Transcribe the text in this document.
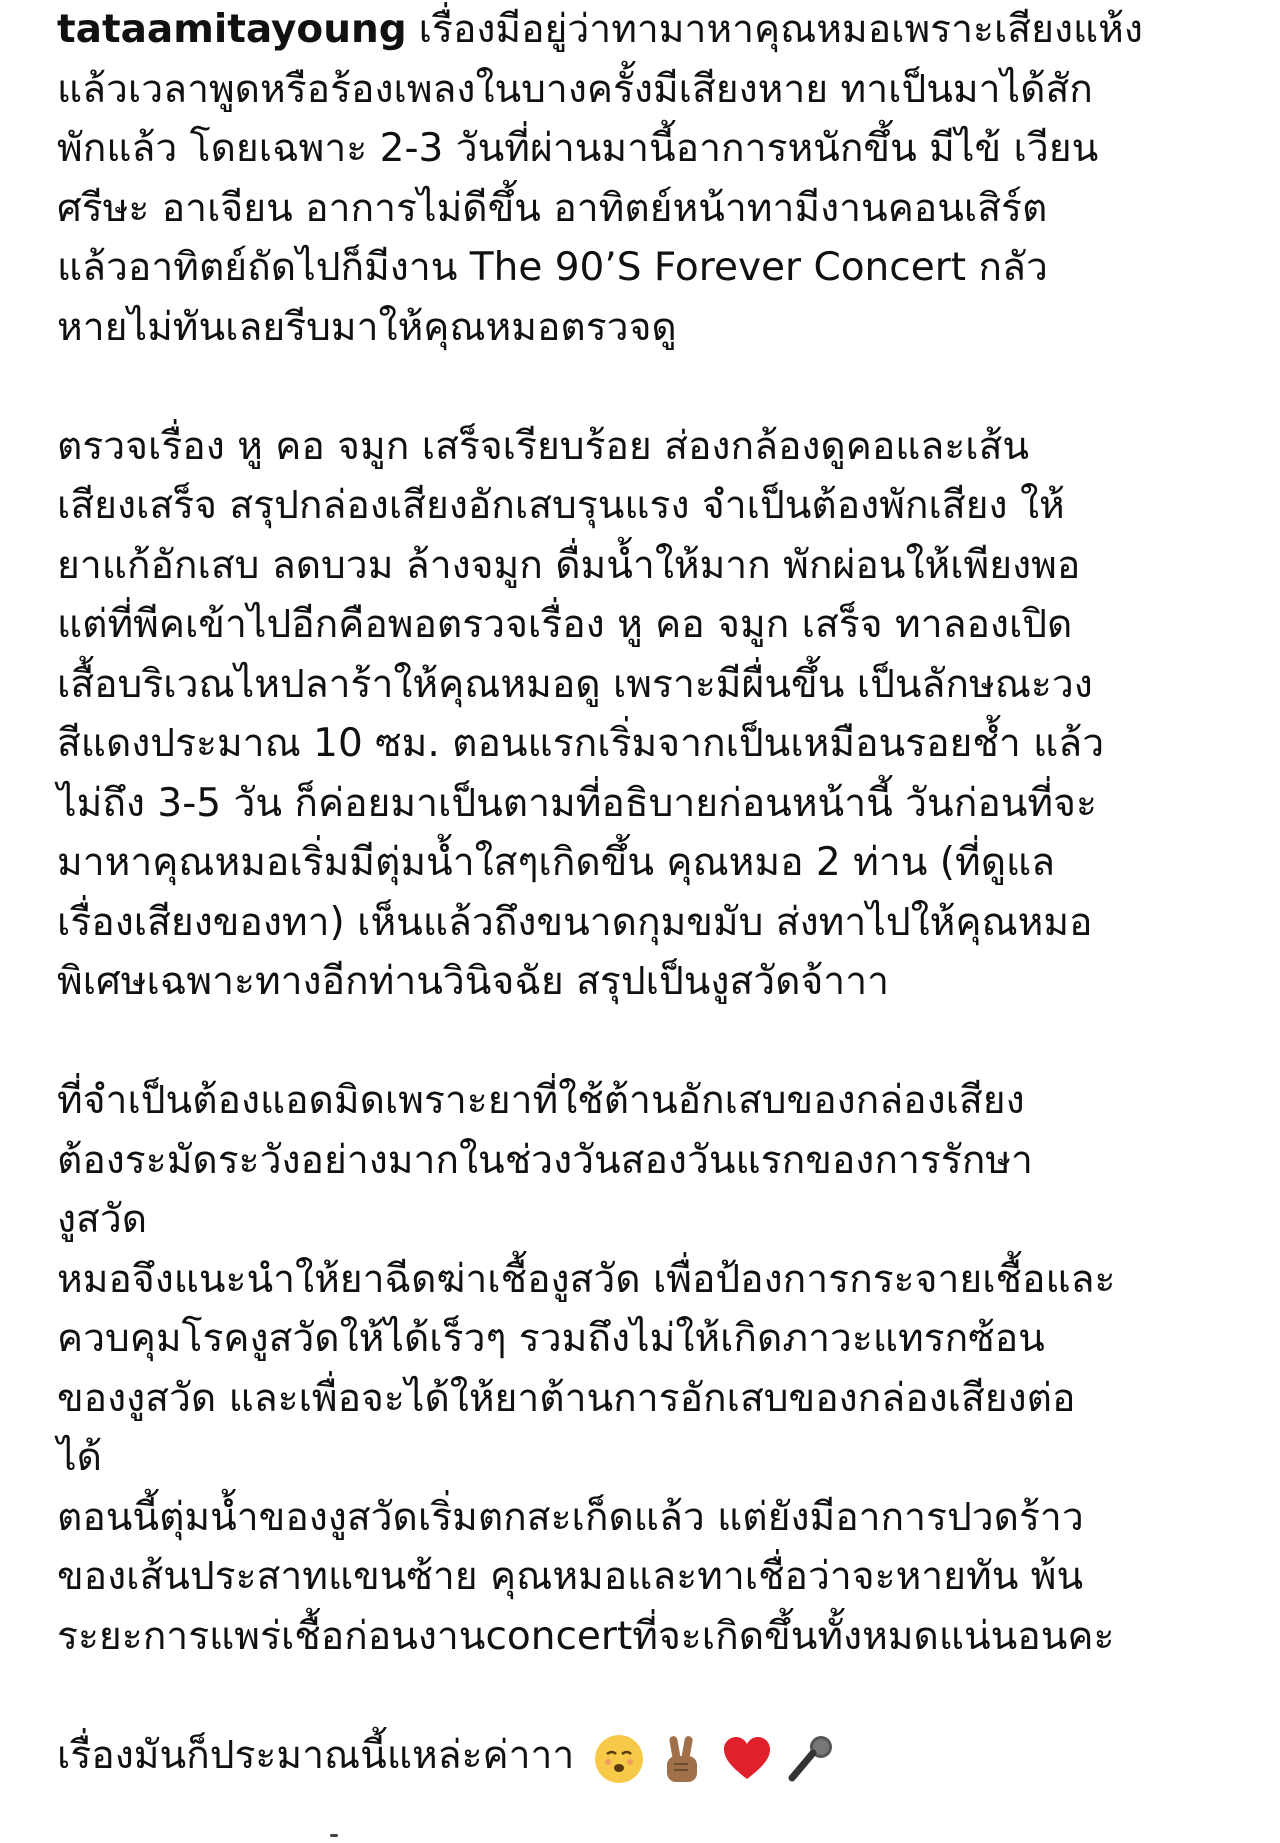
tataamitayoung เรื่องมีอยู่ว่าทามาหาคุณหมอเพราะเสียงแห้ง
แล้วเวลาพูดหรือร้องเพลงในบางครั้งมีเสียงหาย ทาเป็นมาได้สัก
พักแล้ว โดยเฉพาะ 2-3 วันที่ผ่านมานี้อาการหนักขึ้น มีไข้ เวียน
ศรีษะ อาเจียน อาการไม่ดีขึ้น อาทิตย์หน้าทามีงานคอนเสิร์ต
แล้วอาทิตย์ถัดไปก็มีงาน The 90’S Forever Concert กลัว
หายไม่ทันเลยรีบมาให้คุณหมอตรวจดู
ตรวจเรื่อง หู คอ จมูก เสร็จเรียบร้อย ส่องกล้องดูคอและเส้น
เสียงเสร็จ สรุปกล่องเสียงอักเสบรุนแรง จำเป็นต้องพักเสียง ให้
ยาแก้อักเสบ ลดบวม ล้างจมูก ดื่มน้ำให้มาก พักผ่อนให้เพียงพอ
แต่ที่พีคเข้าไปอีกคือพอตรวจเรื่อง หู คอ จมูก เสร็จ ทาลองเปิด
เสื้อบริเวณไหปลาร้าให้คุณหมอดู เพราะมีผื่นขึ้น เป็นลักษณะวง
สีแดงประมาณ 10 ซม. ตอนแรกเริ่มจากเป็นเหมือนรอยช้ำ แล้ว
ไม่ถึง 3-5 วัน ก็ค่อยมาเป็นตามที่อธิบายก่อนหน้านี้ วันก่อนที่จะ
มาหาคุณหมอเริ่มมีตุ่มน้ำใสๆเกิดขึ้น คุณหมอ 2 ท่าน (ที่ดูแล
เรื่องเสียงของทา) เห็นแล้วถึงขนาดกุมขมับ ส่งทาไปให้คุณหมอ
พิเศษเฉพาะทางอีกท่านวินิจฉัย สรุปเป็นงูสวัดจ้าาา
ที่จำเป็นต้องแอดมิดเพราะยาที่ใช้ต้านอักเสบของกล่องเสียง
ต้องระมัดระวังอย่างมากในช่วงวันสองวันแรกของการรักษา
งูสวัด
หมอจึงแนะนำให้ยาฉีดฆ่าเชื้องูสวัด เพื่อป้องการกระจายเชื้อและ
ควบคุมโรคงูสวัดให้ได้เร็วๆ รวมถึงไม่ให้เกิดภาวะแทรกซ้อน
ของงูสวัด และเพื่อจะได้ให้ยาต้านการอักเสบของกล่องเสียงต่อ
ได้
ตอนนี้ตุ่มน้ำของงูสวัดเริ่มตกสะเก็ดแล้ว แต่ยังมีอาการปวดร้าว
ของเส้นประสาทแขนซ้าย คุณหมอและทาเชื่อว่าจะหายทัน พ้น
ระยะการแพร่เชื้อก่อนงานconcertที่จะเกิดขึ้นทั้งหมดแน่นอนคะ
เรื่องมันก็ประมาณนี้แหล่ะค่าาา
